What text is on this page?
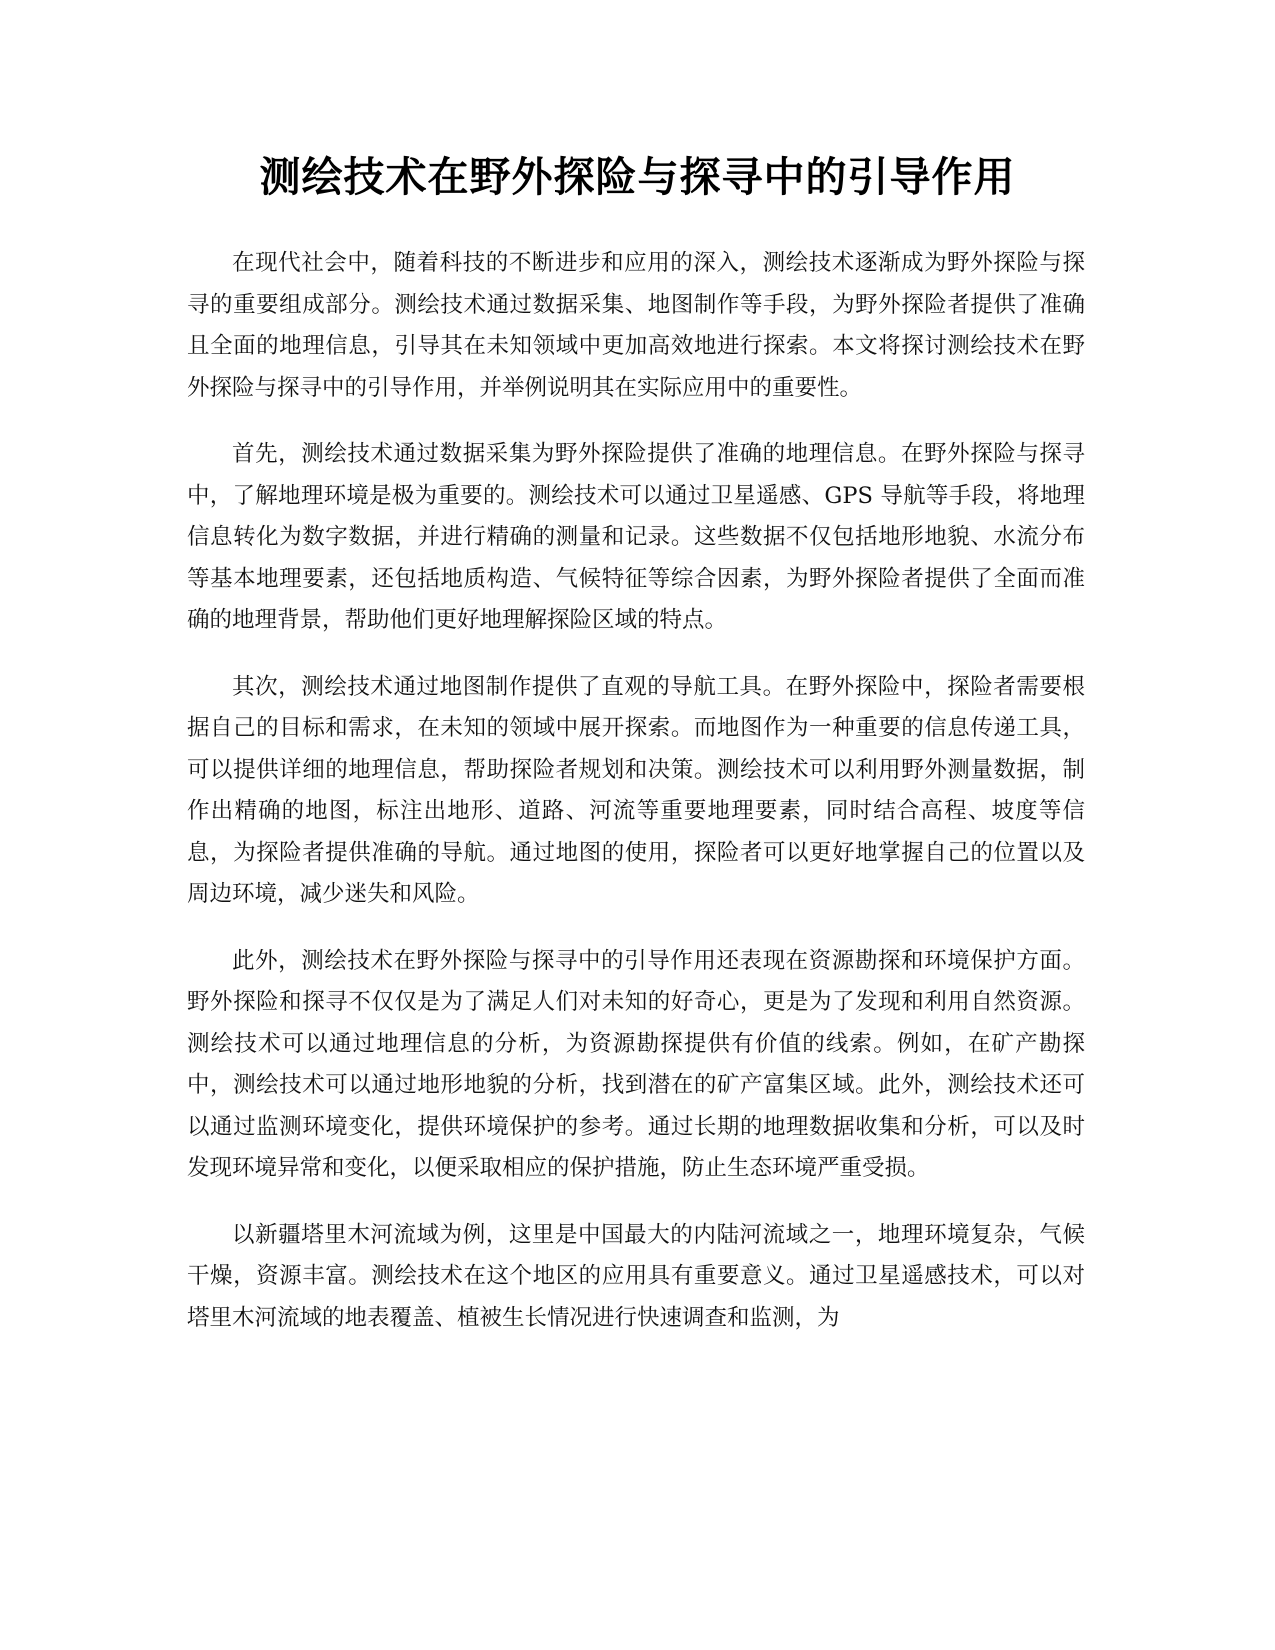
测绘技术在野外探险与探寻中的引导作用

在现代社会中，随着科技的不断进步和应用的深入，测绘技术逐渐成为野外探险与探寻的重要组成部分。测绘技术通过数据采集、地图制作等手段，为野外探险者提供了准确且全面的地理信息，引导其在未知领域中更加高效地进行探索。本文将探讨测绘技术在野外探险与探寻中的引导作用，并举例说明其在实际应用中的重要性。

首先，测绘技术通过数据采集为野外探险提供了准确的地理信息。在野外探险与探寻中，了解地理环境是极为重要的。测绘技术可以通过卫星遥感、GPS 导航等手段，将地理信息转化为数字数据，并进行精确的测量和记录。这些数据不仅包括地形地貌、水流分布等基本地理要素，还包括地质构造、气候特征等综合因素，为野外探险者提供了全面而准确的地理背景，帮助他们更好地理解探险区域的特点。

其次，测绘技术通过地图制作提供了直观的导航工具。在野外探险中，探险者需要根据自己的目标和需求，在未知的领域中展开探索。而地图作为一种重要的信息传递工具，可以提供详细的地理信息，帮助探险者规划和决策。测绘技术可以利用野外测量数据，制作出精确的地图，标注出地形、道路、河流等重要地理要素，同时结合高程、坡度等信息，为探险者提供准确的导航。通过地图的使用，探险者可以更好地掌握自己的位置以及周边环境，减少迷失和风险。

此外，测绘技术在野外探险与探寻中的引导作用还表现在资源勘探和环境保护方面。野外探险和探寻不仅仅是为了满足人们对未知的好奇心，更是为了发现和利用自然资源。测绘技术可以通过地理信息的分析，为资源勘探提供有价值的线索。例如，在矿产勘探中，测绘技术可以通过地形地貌的分析，找到潜在的矿产富集区域。此外，测绘技术还可以通过监测环境变化，提供环境保护的参考。通过长期的地理数据收集和分析，可以及时发现环境异常和变化，以便采取相应的保护措施，防止生态环境严重受损。

以新疆塔里木河流域为例，这里是中国最大的内陆河流域之一，地理环境复杂，气候干燥，资源丰富。测绘技术在这个地区的应用具有重要意义。通过卫星遥感技术，可以对塔里木河流域的地表覆盖、植被生长情况进行快速调查和监测，为
